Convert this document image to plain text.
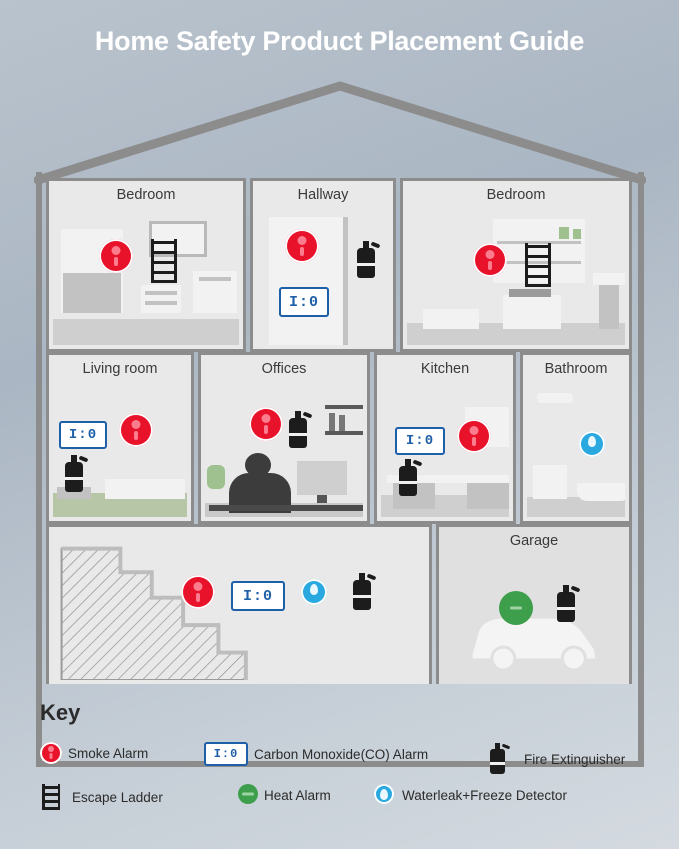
Home Safety Product Placement Guide
Bedroom	Hallway
I:0
Bedroom
Living room
I:0
Offices	Kitchen
I:0
Bathroom
I:0
Garage
Key
Smoke Alarm	I:0	Carbon Monoxide(CO) Alarm	Fire Extinguisher
Escape Ladder	Heat Alarm	Waterleak+Freeze Detector
